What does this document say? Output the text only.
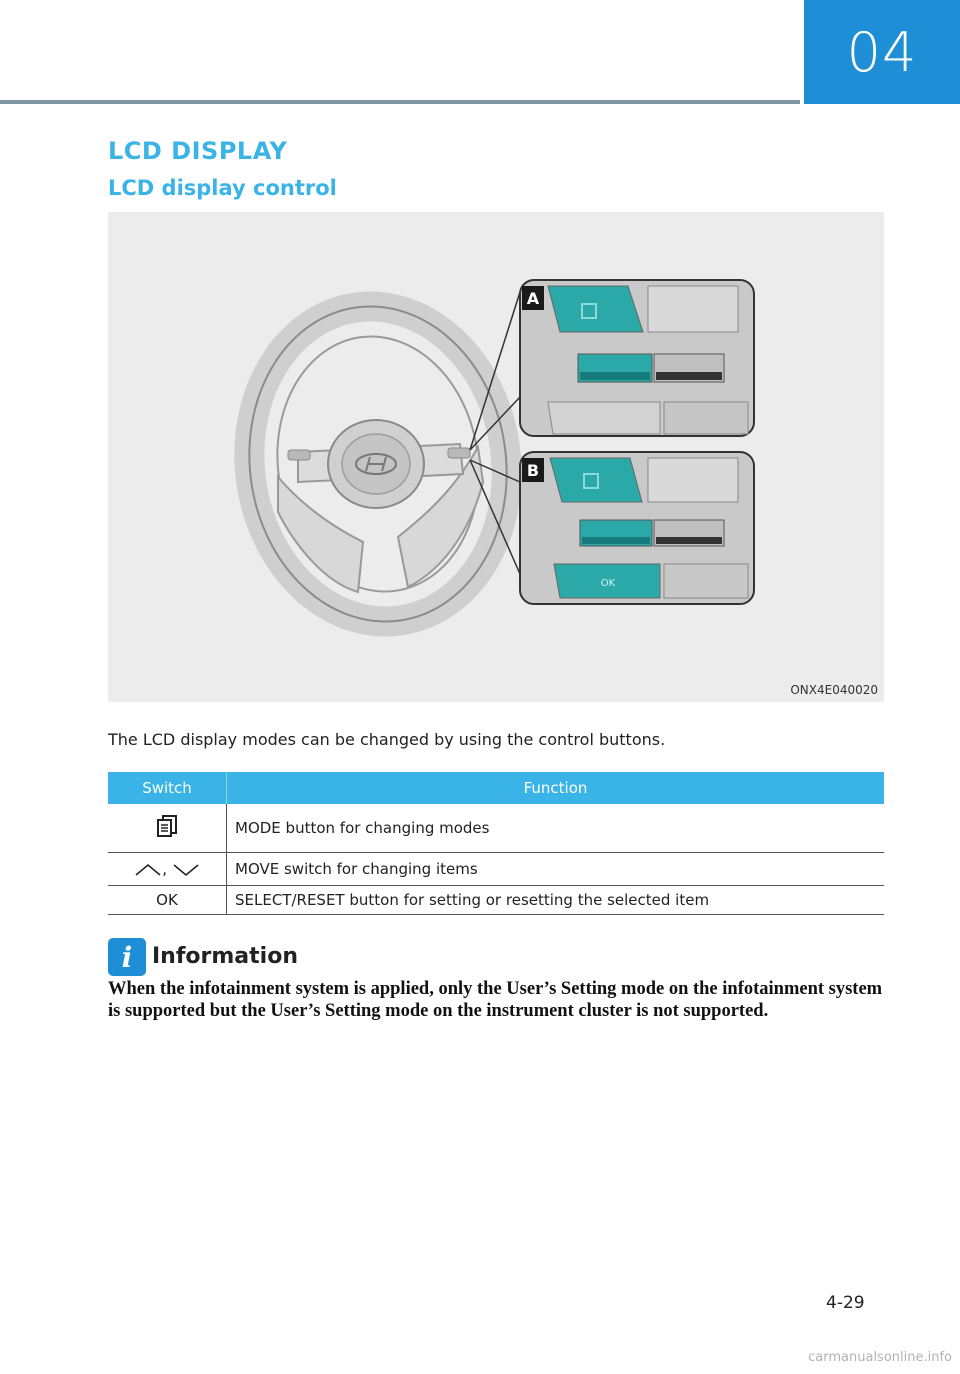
04
LCD DISPLAY
LCD display control
A
OK
B
ONX4E040020

The LCD display modes can be changed by using the control buttons.

Switch	Function
	MODE button for changing modes
,	MOVE switch for changing items
OK	SELECT/RESET button for setting or resetting the selected item
i Information

When the infotainment system is applied, only the User’s Setting mode on the infotainment system is supported but the User’s Setting mode on the instrument cluster is not supported.

4-29
carmanualsonline.info
